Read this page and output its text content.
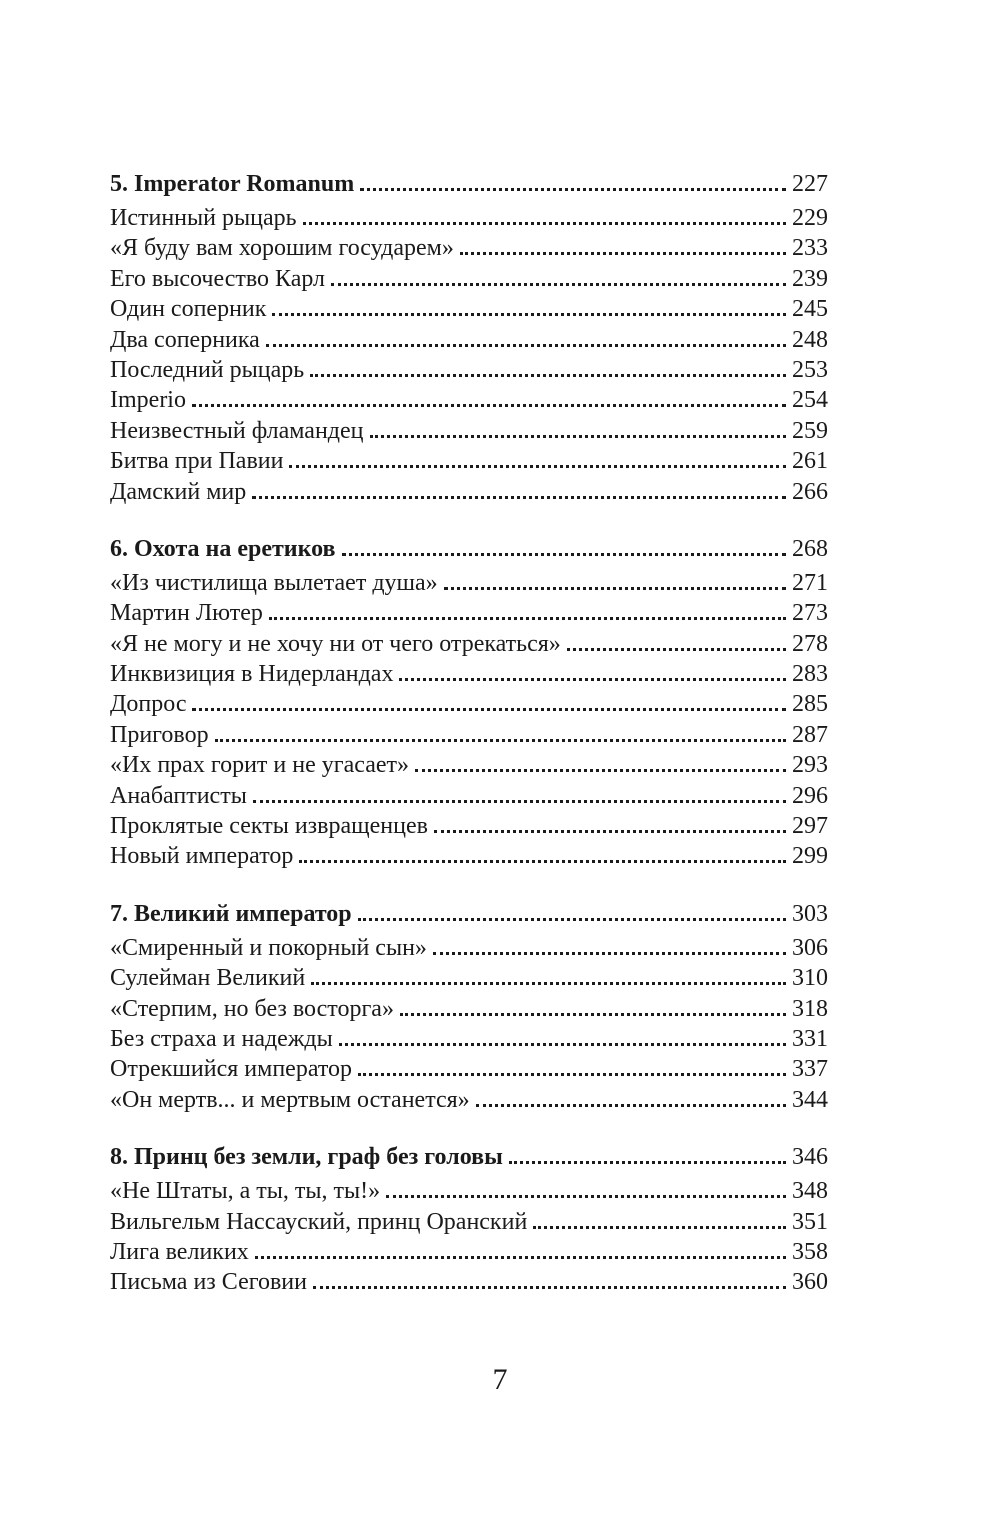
5. Imperator Romanum	227
Истинный рыцарь	229
«Я буду вам хорошим государем»	233
Его высочество Карл	239
Один соперник	245
Два соперника	248
Последний рыцарь	253
Imperio	254
Неизвестный фламандец	259
Битва при Павии	261
Дамский мир	266
6. Охота на еретиков	268
«Из чистилища вылетает душа»	271
Мартин Лютер	273
«Я не могу и не хочу ни от чего отрекаться»	278
Инквизиция в Нидерландах	283
Допрос	285
Приговор	287
«Их прах горит и не угасает»	293
Анабаптисты	296
Проклятые секты извращенцев	297
Новый император	299
7. Великий император	303
«Смиренный и покорный сын»	306
Сулейман Великий	310
«Стерпим, но без восторга»	318
Без страха и надежды	331
Отрекшийся император	337
«Он мертв... и мертвым останется»	344
8. Принц без земли, граф без головы	346
«Не Штаты, а ты, ты, ты!»	348
Вильгельм Нассауский, принц Оранский	351
Лига великих	358
Письма из Сеговии	360
7
